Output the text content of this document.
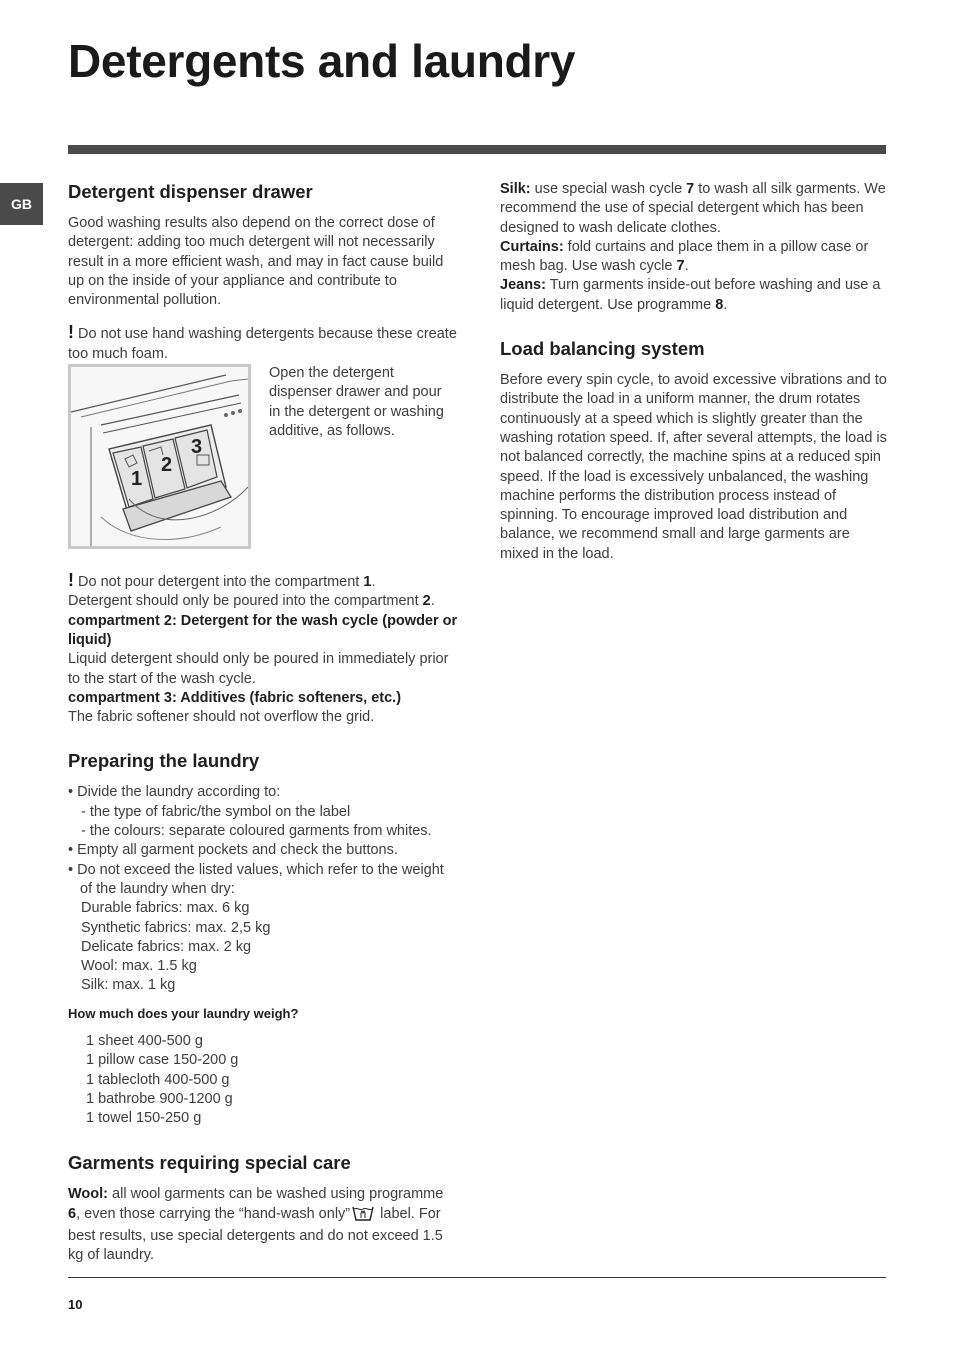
Detergents and laundry
GB
Detergent dispenser drawer

Good washing results also depend on the correct dose of detergent: adding too much detergent will not necessarily result in a more efficient wash, and may in fact cause build up on the inside of your appliance and contribute to environmental pollution.

! Do not use hand washing detergents because these create too much foam.

1
2
3

Open the detergent dispenser drawer and pour in the detergent or washing additive, as follows.

! Do not pour detergent into the compartment 1.

Detergent should only be poured into the compartment 2.

compartment 2: Detergent for the wash cycle (powder or liquid)

Liquid detergent should only be poured in immediately prior to the start of the wash cycle.

compartment 3: Additives (fabric softeners, etc.)

The fabric softener should not overflow the grid.

Preparing the laundry

• Divide the laundry according to:

- the type of fabric/the symbol on the label

- the colours: separate coloured garments from whites.

• Empty all garment pockets and check the buttons.

• Do not exceed the listed values, which refer to the weight of the laundry when dry:

Durable fabrics: max. 6 kg

Synthetic fabrics: max. 2,5 kg

Delicate fabrics: max. 2 kg

Wool: max. 1.5 kg

Silk: max. 1 kg

How much does your laundry weigh?

1 sheet 400-500 g

1 pillow case 150-200 g

1 tablecloth 400-500 g

1 bathrobe 900-1200 g

1 towel 150-250 g

Garments requiring special care

Wool: all wool garments can be washed using programme 6, even those carrying the “hand-wash only” label. For best results, use special detergents and do not exceed 1.5 kg of laundry.

Silk: use special wash cycle 7 to wash all silk garments. We recommend the use of special detergent which has been designed to wash delicate clothes.

Curtains: fold curtains and place them in a pillow case or mesh bag. Use wash cycle 7.

Jeans: Turn garments inside-out before washing and use a liquid detergent. Use programme 8.

Load balancing system

Before every spin cycle, to avoid excessive vibrations and to distribute the load in a uniform manner, the drum rotates continuously at a speed which is slightly greater than the washing rotation speed. If, after several attempts, the load is not balanced correctly, the machine spins at a reduced spin speed. If the load is excessively unbalanced, the washing machine performs the distribution process instead of spinning. To encourage improved load distribution and balance, we recommend small and large garments are mixed in the load.

10
